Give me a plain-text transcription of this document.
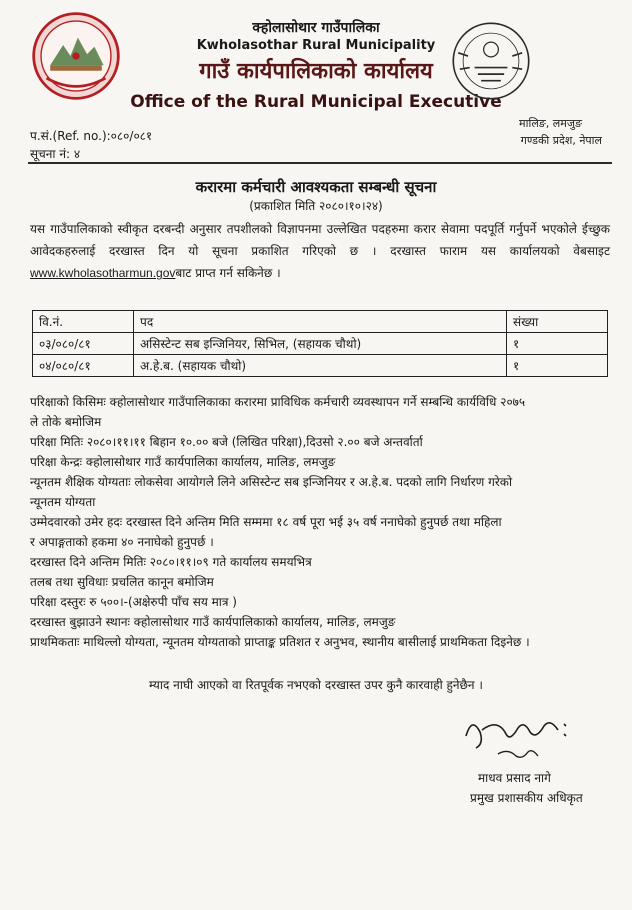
क्होलासोथार गाउँपालिका
Kwholasothar Rural Municipality
गाउँ कार्यपालिकाको कार्यालय
Office of the Rural Municipal Executive
प.सं.(Ref. no.):०८०/०८१
सूचना नं: ४
मालिङ, लमजुङ
गण्डकी प्रदेश, नेपाल
करारमा कर्मचारी आवश्यकता सम्बन्धी सूचना
(प्रकाशित मिति २०८०।१०।२४)
यस गाउँपालिकाको स्वीकृत दरबन्दी अनुसार तपशीलको विज्ञापनमा उल्लेखित पदहरुमा करार सेवामा पदपूर्ति गर्नुपर्ने भएकोले ईच्छुक आवेदकहरुलाई दरखास्त दिन यो सूचना प्रकाशित गरिएको छ । दरखास्त फाराम यस कार्यालयको वेबसाइट www.kwholasotharmun.govबाट प्राप्त गर्न सकिनेछ ।
वि.नं.	पद	संख्या
०३/०८०/८१	असिस्टेन्ट सब इन्जिनियर, सिभिल, (सहायक चौथो)	१
०४/०८०/८१	अ.हे.ब. (सहायक चौथो)	१

परिक्षाको किसिमः क्होलासोथार गाउँपालिकाका करारमा प्राविधिक कर्मचारी व्यवस्थापन गर्ने सम्बन्धि कार्यविधि २०७५

ले तोके बमोजिम

परिक्षा मितिः २०८०।११।११ बिहान १०.०० बजे (लिखित परिक्षा),दिउसो २.०० बजे अन्तर्वार्ता

परिक्षा केन्द्रः क्होलासोथार गाउँ कार्यपालिका कार्यालय, मालिङ, लमजुङ

न्यूनतम शैक्षिक योग्यताः लोकसेवा आयोगले लिने असिस्टेन्ट सब इन्जिनियर र अ.हे.ब. पदको लागि निर्धारण गरेको

न्यूनतम योग्यता

उम्मेदवारको उमेर हदः दरखास्त दिने अन्तिम मिति सम्ममा १८ वर्ष पूरा भई ३५ वर्ष ननाघेको हुनुपर्छ तथा महिला

र अपाङ्गताको हकमा ४० ननाघेको हुनुपर्छ ।

दरखास्त दिने अन्तिम मितिः २०८०।११।०९ गते कार्यालय समयभित्र

तलब तथा सुविधाः प्रचलित कानून बमोजिम

परिक्षा दस्तुरः रु ५००।-(अक्षेरुपी पाँच सय मात्र )

दरखास्त बुझाउने स्थानः क्होलासोथार गाउँ कार्यपालिकाको कार्यालय, मालिङ, लमजुङ

प्राथमिकताः माथिल्लो योग्यता, न्यूनतम योग्यताको प्राप्ताङ्क प्रतिशत र अनुभव, स्थानीय बासीलाई प्राथमिकता दिइनेछ ।

म्याद नाघी आएको वा रितपूर्वक नभएको दरखास्त उपर कुनै कारवाही हुनेछैन ।
माधव प्रसाद नागे
प्रमुख प्रशासकीय अधिकृत
